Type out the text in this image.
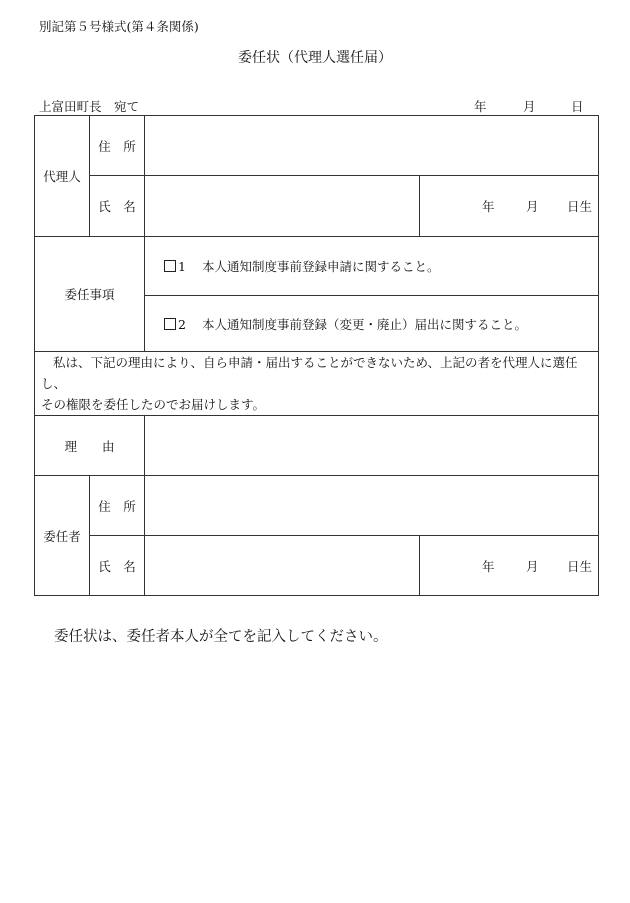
別記第５号様式(第４条関係)
委任状（代理人選任届）
上富田町長　宛て	年	月	日
代理人	住　所		
	氏　名		年 月 日生

委任事項		1 本人通知制度事前登録申請に関すること。	
		2 本人通知制度事前登録（変更・廃止）届出に関すること。	
私は、下記の理由により、自ら申請・届出することができないため、上記の者を代理人に選任し、
その権限を委任したのでお届けします。			
理　　由			
委任者	住　所		
	氏　名		年 月 日生
委任状は、委任者本人が全てを記入してください。
